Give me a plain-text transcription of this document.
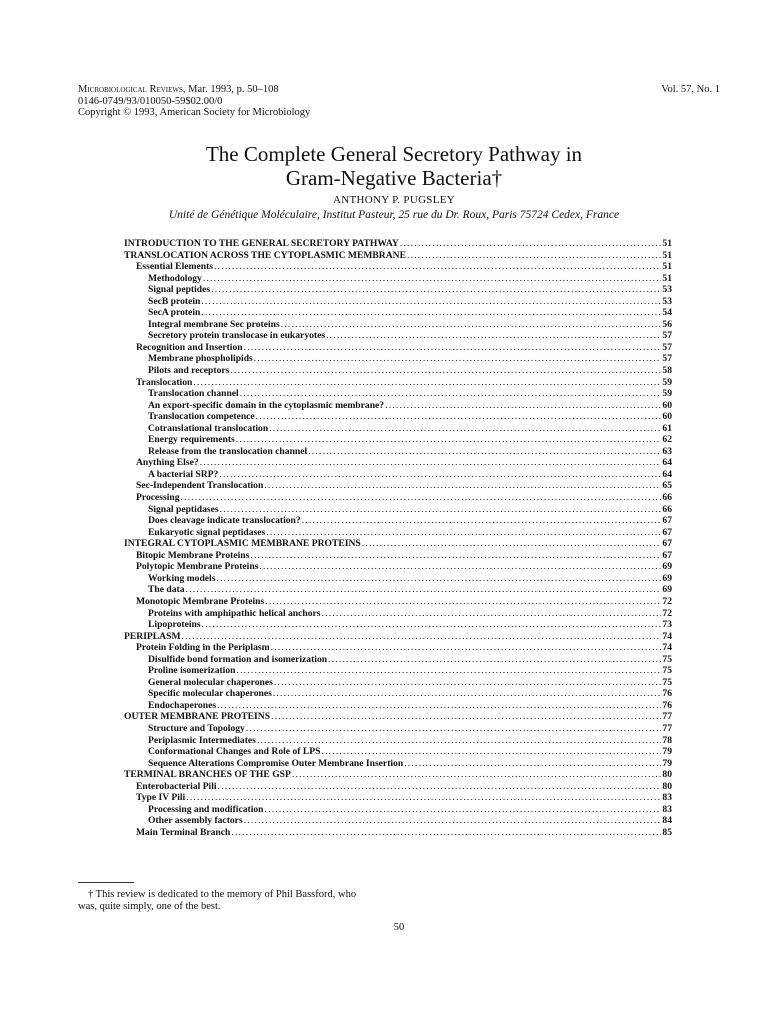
Microbiological Reviews, Mar. 1993, p. 50–108
0146-0749/93/010050-59$02.00/0
Copyright © 1993, American Society for Microbiology
Vol. 57, No. 1
The Complete General Secretory Pathway in
Gram-Negative Bacteria†
ANTHONY P. PUGSLEY
Unité de Génétique Moléculaire, Institut Pasteur, 25 rue du Dr. Roux, Paris 75724 Cedex, France
INTRODUCTION TO THE GENERAL SECRETORY PATHWAY .....	51
TRANSLOCATION ACROSS THE CYTOPLASMIC MEMBRANE .....	51
Essential Elements .....	51
Methodology .....	51
Signal peptides .....	53
SecB protein .....	53
SecA protein .....	54
Integral membrane Sec proteins .....	56
Secretory protein translocase in eukaryotes .....	57
Recognition and Insertion .....	57
Membrane phospholipids .....	57
Pilots and receptors .....	58
Translocation .....	59
Translocation channel .....	59
An export-specific domain in the cytoplasmic membrane? .....	60
Translocation competence .....	60
Cotranslational translocation .....	61
Energy requirements .....	62
Release from the translocation channel .....	63
Anything Else? .....	64
A bacterial SRP? .....	64
Sec-Independent Translocation .....	65
Processing .....	66
Signal peptidases .....	66
Does cleavage indicate translocation? .....	67
Eukaryotic signal peptidases .....	67
INTEGRAL CYTOPLASMIC MEMBRANE PROTEINS .....	67
Bitopic Membrane Proteins .....	67
Polytopic Membrane Proteins .....	69
Working models .....	69
The data .....	69
Monotopic Membrane Proteins .....	72
Proteins with amphipathic helical anchors .....	72
Lipoproteins .....	73
PERIPLASM .....	74
Protein Folding in the Periplasm .....	74
Disulfide bond formation and isomerization .....	75
Proline isomerization .....	75
General molecular chaperones .....	75
Specific molecular chaperones .....	76
Endochaperones .....	76
OUTER MEMBRANE PROTEINS .....	77
Structure and Topology .....	77
Periplasmic Intermediates .....	78
Conformational Changes and Role of LPS .....	79
Sequence Alterations Compromise Outer Membrane Insertion .....	79
TERMINAL BRANCHES OF THE GSP .....	80
Enterobacterial Pili .....	80
Type IV Pili .....	83
Processing and modification .....	83
Other assembly factors .....	84
Main Terminal Branch .....	85
† This review is dedicated to the memory of Phil Bassford, who
was, quite simply, one of the best.
50
